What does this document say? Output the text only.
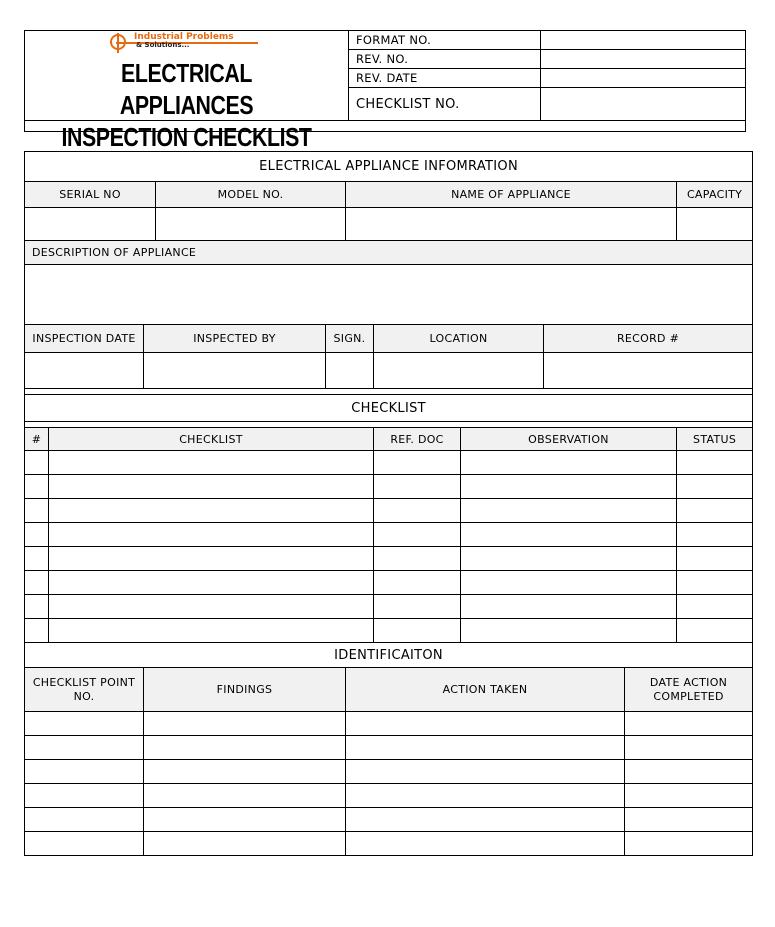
Industrial Problems
& Solutions...
ELECTRICAL APPLIANCES
INSPECTION CHECKLIST	FORMAT NO.	
	REV. NO.	
	REV. DATE	
	CHECKLIST NO.	

ELECTRICAL APPLIANCE INFOMRATION										
SERIAL NO			MODEL NO.		NAME OF APPLIANCE					CAPACITY

DESCRIPTION OF APPLIANCE										

INSPECTION DATE		INSPECTED BY		SIGN.		LOCATION		RECORD #		

CHECKLIST										

#	CHECKLIST					REF. DOC	OBSERVATION			STATUS

IDENTIFICAITON										
CHECKLIST POINT NO.		FINDINGS			ACTION TAKEN				DATE ACTION COMPLETED	
